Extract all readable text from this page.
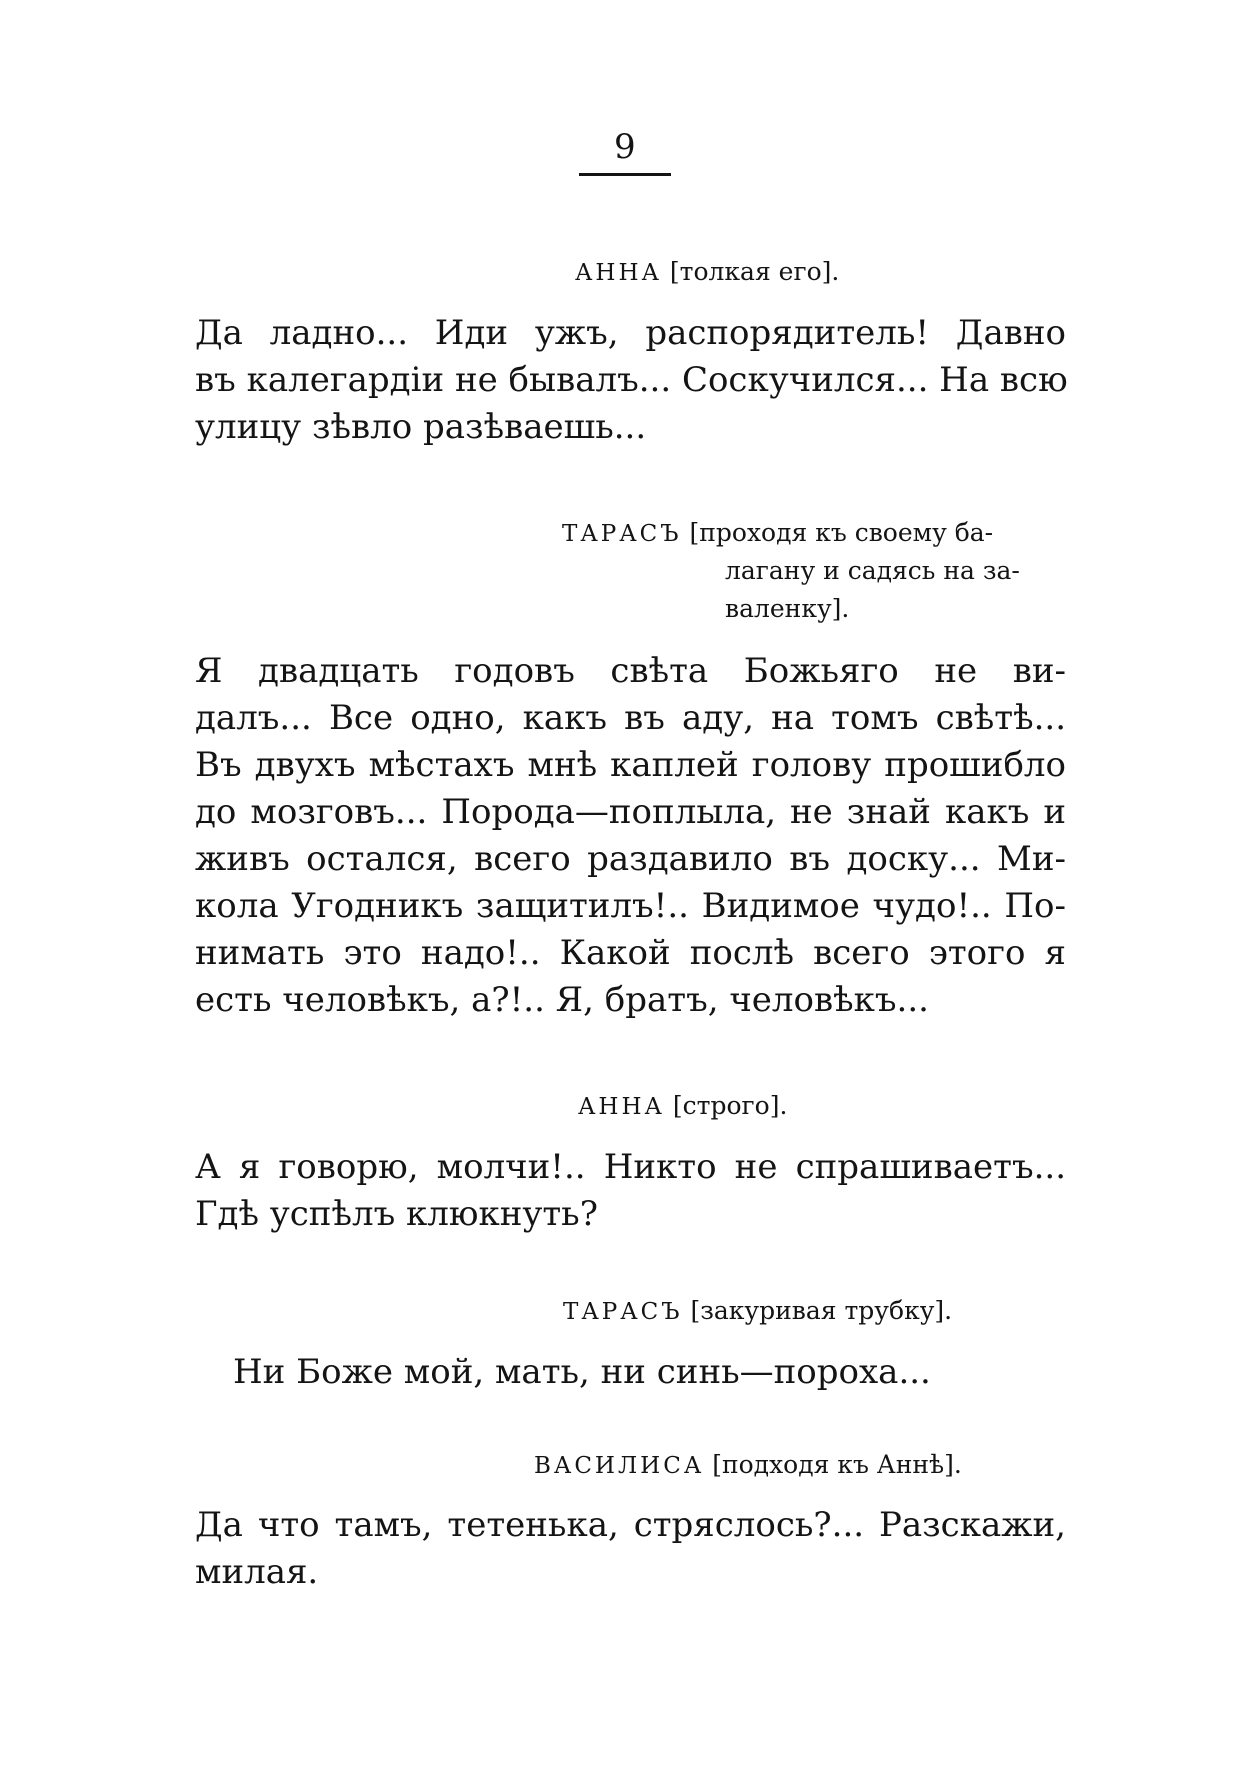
9
АННА [толкая его].
Да ладно... Иди ужъ, распорядитель! Давно
въ калегардіи не бывалъ... Соскучился... На всю
улицу зѣвло разѣваешь...
ТАРАСЪ [проходя къ своему ба-
лагану и садясь на за-
валенку].
Я двадцать годовъ свѣта Божьяго не ви-
далъ... Все одно, какъ въ аду, на томъ свѣтѣ...
Въ двухъ мѣстахъ мнѣ каплей голову прошибло
до мозговъ... Порода—поплыла, не знай какъ и
живъ остался, всего раздавило въ доску... Ми-
кола Угодникъ защитилъ!.. Видимое чудо!.. По-
нимать это надо!.. Какой послѣ всего этого я
есть человѣкъ, а?!.. Я, братъ, человѣкъ...
АННА [строго].
А я говорю, молчи!.. Никто не спрашиваетъ...
Гдѣ успѣлъ клюкнуть?
ТАРАСЪ [закуривая трубку].
Ни Боже мой, мать, ни синь—пороха...
ВАСИЛИСА [подходя къ Аннѣ].
Да что тамъ, тетенька, стряслось?... Разскажи,
милая.
